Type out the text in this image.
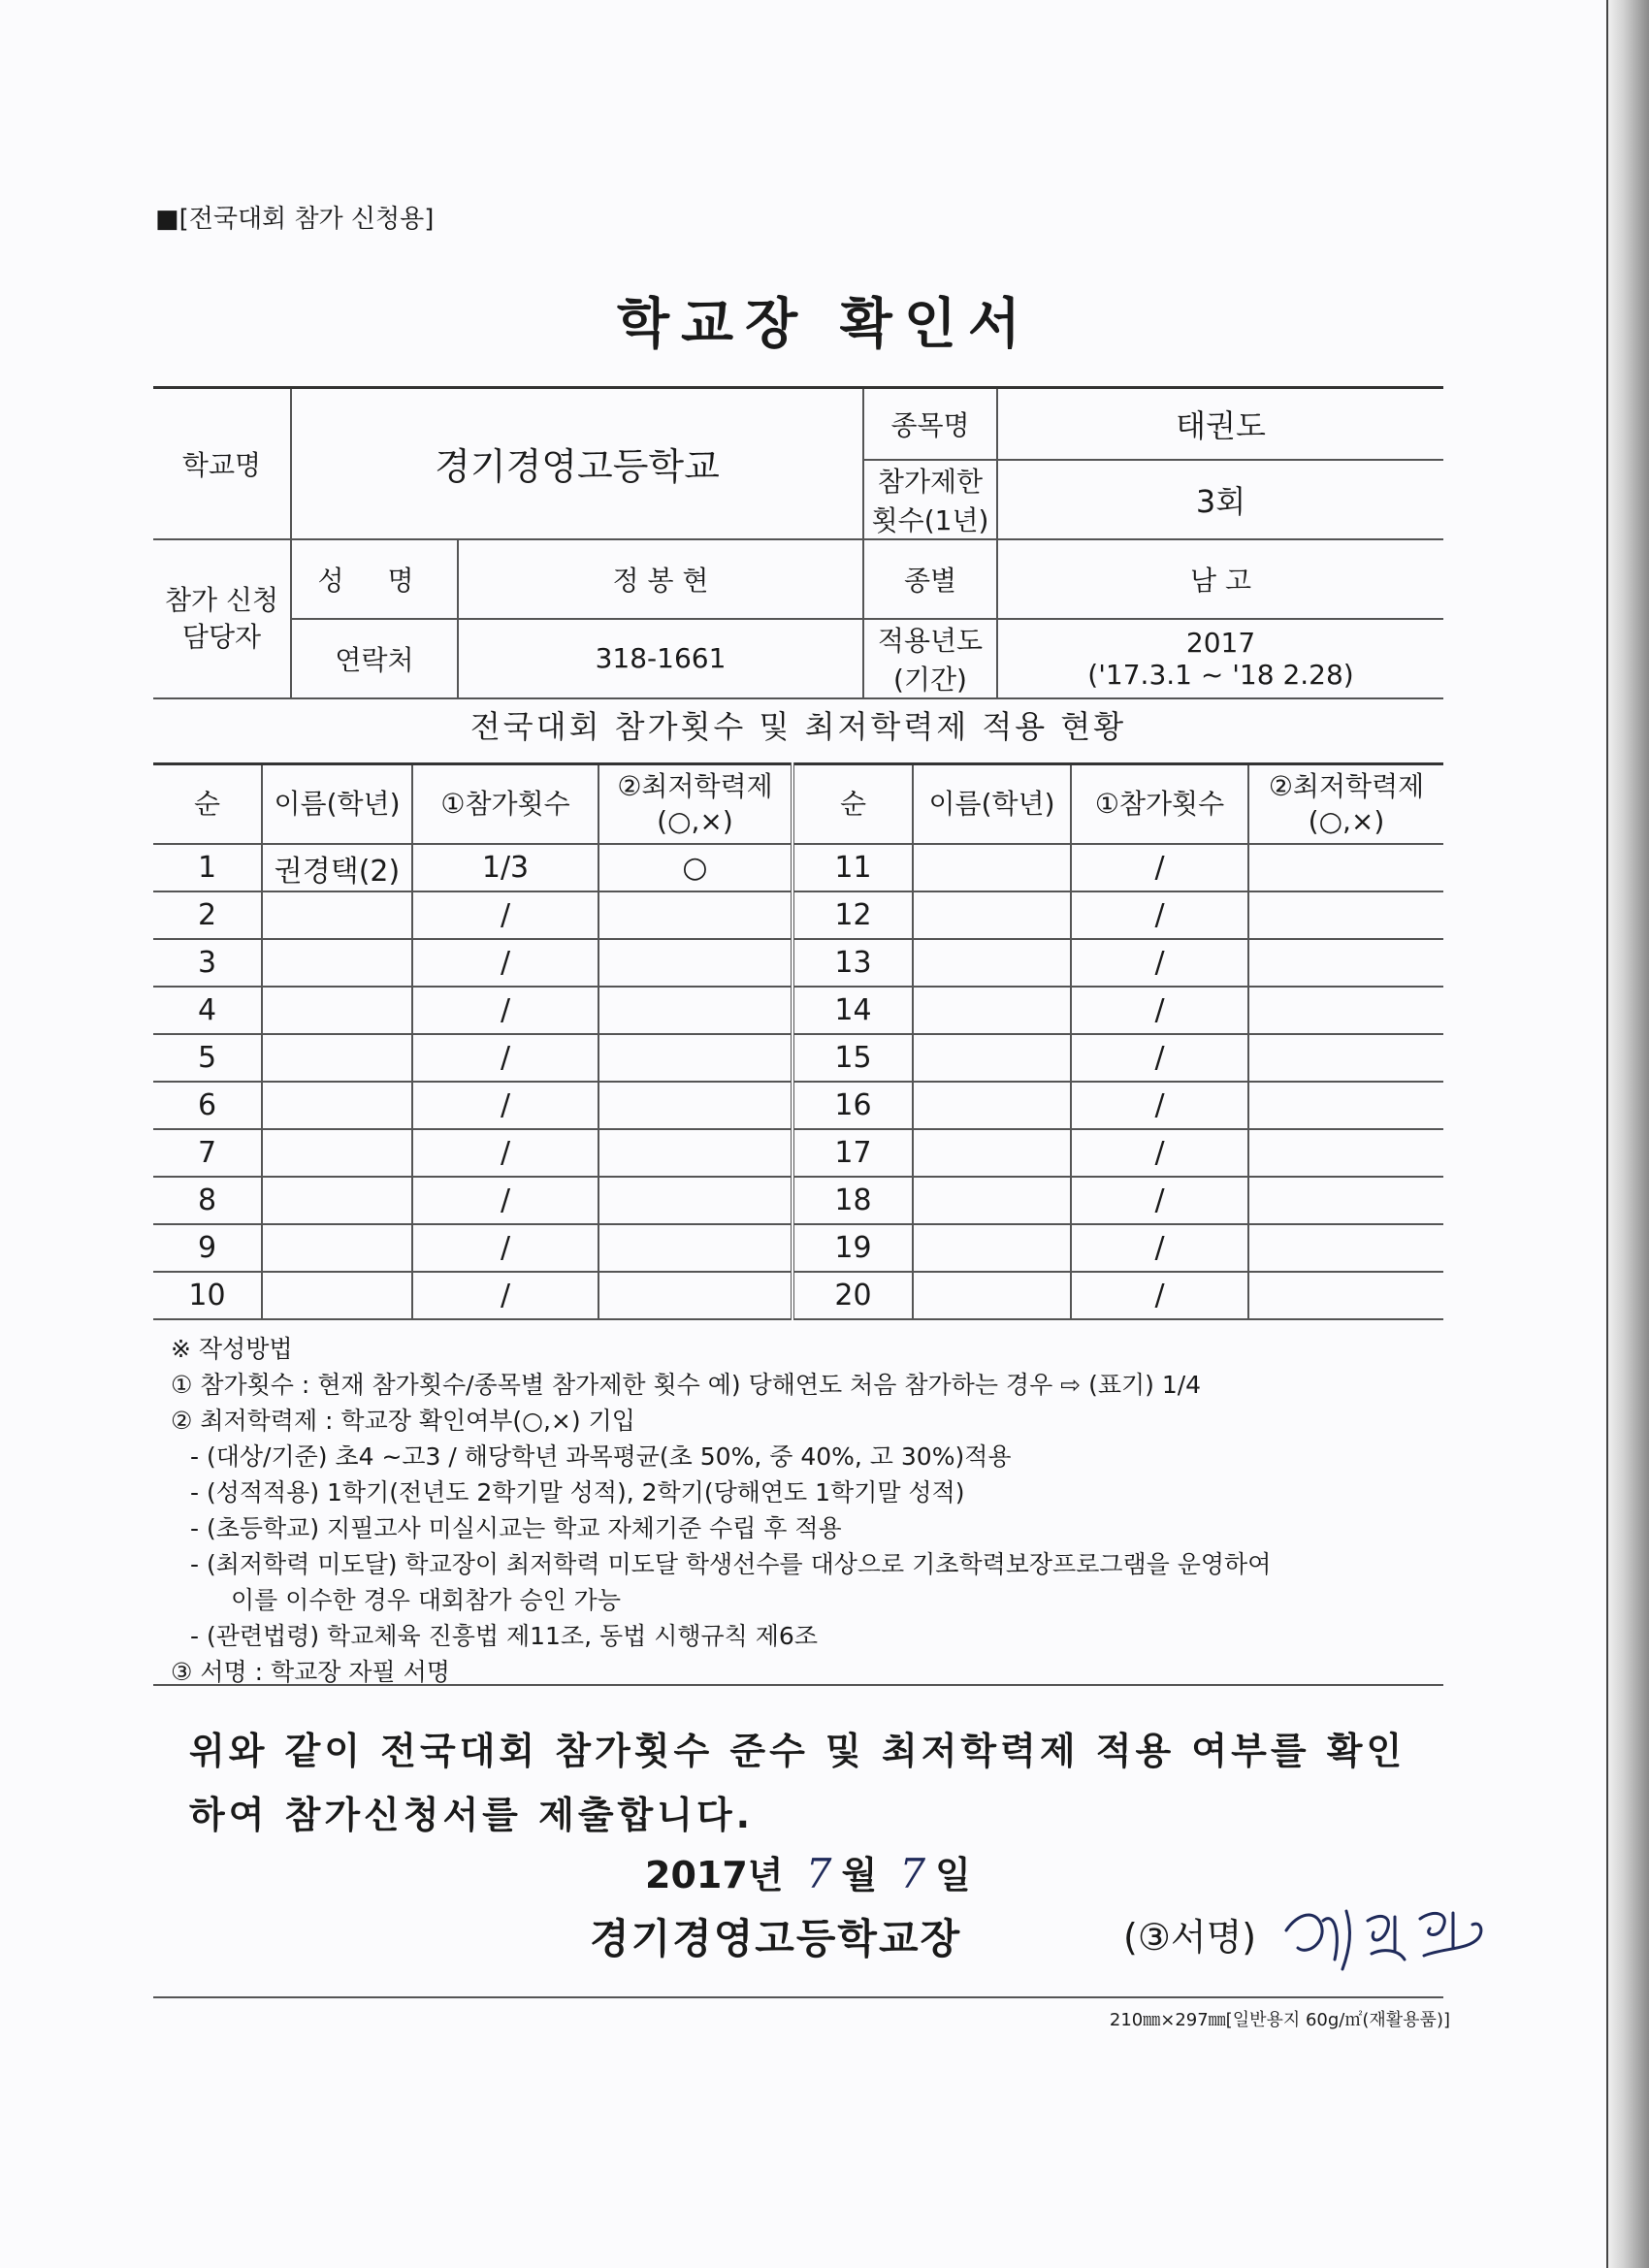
■[전국대회 참가 신청용]
학교장 확인서
학교명	경기경영고등학교		종목명	태권도
			참가제한 횟수(1년)	3회
참가 신청 담당자	성 명	정 봉 현	종별	남 고
	연락처	318-1661	적용년도 (기간)	2017
('17.3.1 ~ '18 2.28)
전국대회 참가횟수 및 최저학력제 적용 현황
순	이름(학년)	①참가횟수	②최저학력제 (○,×)	순	이름(학년)	①참가횟수	②최저학력제 (○,×)
1	권경택(2)	1/3	○	11		/	
2		/		12		/	
3		/		13		/	
4		/		14		/	
5		/		15		/	
6		/		16		/	
7		/		17		/	
8		/		18		/	
9		/		19		/	
10		/		20		/	
※ 작성방법
① 참가횟수 : 현재 참가횟수/종목별 참가제한 횟수 예) 당해연도 처음 참가하는 경우 ⇨ (표기) 1/4
② 최저학력제 : 학교장 확인여부(○,×) 기입
- (대상/기준) 초4 ~고3 / 해당학년 과목평균(초 50%, 중 40%, 고 30%)적용
- (성적적용) 1학기(전년도 2학기말 성적), 2학기(당해연도 1학기말 성적)
- (초등학교) 지필고사 미실시교는 학교 자체기준 수립 후 적용
- (최저학력 미도달) 학교장이 최저학력 미도달 학생선수를 대상으로 기초학력보장프로그램을 운영하여
이를 이수한 경우 대회참가 승인 가능
- (관련법령) 학교체육 진흥법 제11조, 동법 시행규칙 제6조
③ 서명 : 학교장 자필 서명
위와 같이 전국대회 참가횟수 준수 및 최저학력제 적용 여부를 확인
하여 참가신청서를 제출합니다.
2017년 7 월 7 일
경기경영고등학교장	(③서명)
210㎜×297㎜[일반용지 60g/㎡(재활용품)]
